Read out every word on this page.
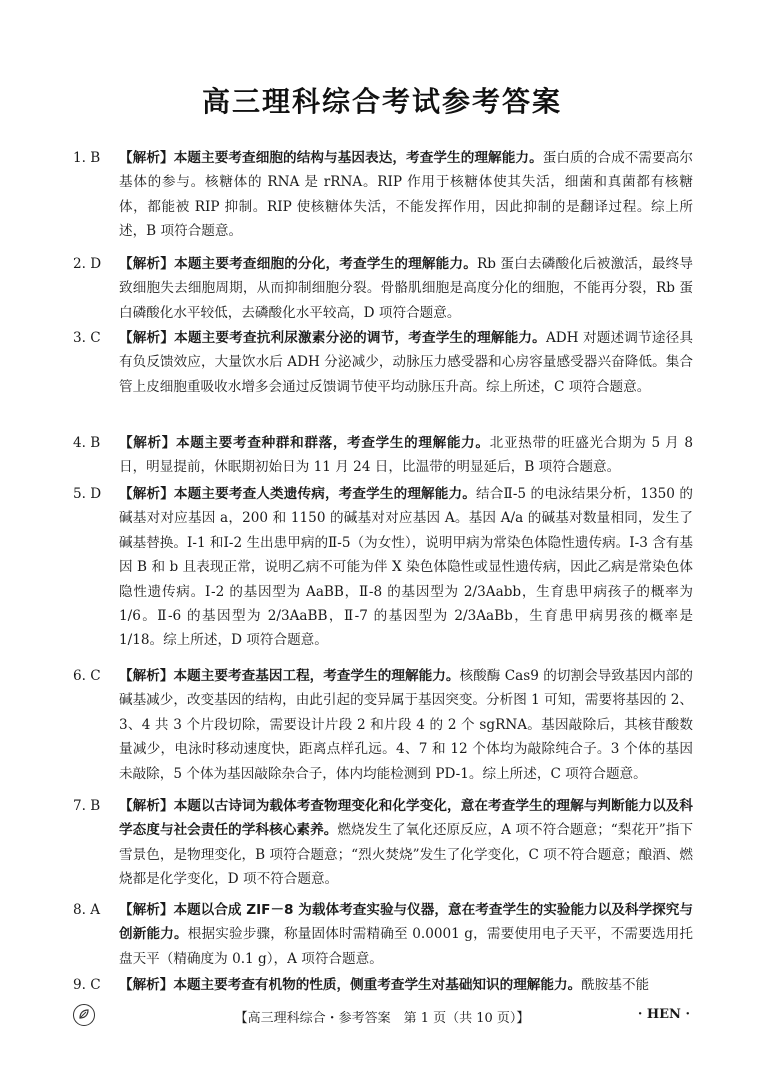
高三理科综合考试参考答案
1. B	【解析】本题主要考查细胞的结构与基因表达，考查学生的理解能力。蛋白质的合成不需要高尔基体的参与。核糖体的 RNA 是 rRNA。RIP 作用于核糖体使其失活，细菌和真菌都有核糖体，都能被 RIP 抑制。RIP 使核糖体失活，不能发挥作用，因此抑制的是翻译过程。综上所述，B 项符合题意。
2. D	【解析】本题主要考查细胞的分化，考查学生的理解能力。Rb 蛋白去磷酸化后被激活，最终导致细胞失去细胞周期，从而抑制细胞分裂。骨骼肌细胞是高度分化的细胞，不能再分裂，Rb 蛋白磷酸化水平较低，去磷酸化水平较高，D 项符合题意。
3. C	【解析】本题主要考查抗利尿激素分泌的调节，考查学生的理解能力。ADH 对题述调节途径具有负反馈效应，大量饮水后 ADH 分泌减少，动脉压力感受器和心房容量感受器兴奋降低。集合管上皮细胞重吸收水增多会通过反馈调节使平均动脉压升高。综上所述，C 项符合题意。
4. B	【解析】本题主要考查种群和群落，考查学生的理解能力。北亚热带的旺盛光合期为 5 月 8 日，明显提前，休眠期初始日为 11 月 24 日，比温带的明显延后，B 项符合题意。
5. D	【解析】本题主要考查人类遗传病，考查学生的理解能力。结合Ⅱ-5 的电泳结果分析，1350 的碱基对对应基因 a，200 和 1150 的碱基对对应基因 A。基因 A/a 的碱基对数量相同，发生了碱基替换。Ⅰ-1 和Ⅰ-2 生出患甲病的Ⅱ-5（为女性），说明甲病为常染色体隐性遗传病。Ⅰ-3 含有基因 B 和 b 且表现正常，说明乙病不可能为伴 X 染色体隐性或显性遗传病，因此乙病是常染色体隐性遗传病。Ⅰ-2 的基因型为 AaBB，Ⅱ-8 的基因型为 2/3Aabb，生育患甲病孩子的概率为 1/6。Ⅱ-6 的基因型为 2/3AaBB，Ⅱ-7 的基因型为 2/3AaBb，生育患甲病男孩的概率是 1/18。综上所述，D 项符合题意。
6. C	【解析】本题主要考查基因工程，考查学生的理解能力。核酸酶 Cas9 的切割会导致基因内部的碱基减少，改变基因的结构，由此引起的变异属于基因突变。分析图 1 可知，需要将基因的 2、3、4 共 3 个片段切除，需要设计片段 2 和片段 4 的 2 个 sgRNA。基因敲除后，其核苷酸数量减少，电泳时移动速度快，距离点样孔远。4、7 和 12 个体均为敲除纯合子。3 个体的基因未敲除，5 个体为基因敲除杂合子，体内均能检测到 PD-1。综上所述，C 项符合题意。
7. B	【解析】本题以古诗词为载体考查物理变化和化学变化，意在考查学生的理解与判断能力以及科学态度与社会责任的学科核心素养。燃烧发生了氧化还原反应，A 项不符合题意；“梨花开”指下雪景色，是物理变化，B 项符合题意；“烈火焚烧”发生了化学变化，C 项不符合题意；酿酒、燃烧都是化学变化，D 项不符合题意。
8. A	【解析】本题以合成 ZIF－8 为载体考查实验与仪器，意在考查学生的实验能力以及科学探究与创新能力。根据实验步骤，称量固体时需精确至 0.0001 g，需要使用电子天平，不需要选用托盘天平（精确度为 0.1 g），A 项符合题意。
9. C	【解析】本题主要考查有机物的性质，侧重考查学生对基础知识的理解能力。酰胺基不能
【高三理科综合・参考答案　第 1 页（共 10 页）】	· HEN ·
